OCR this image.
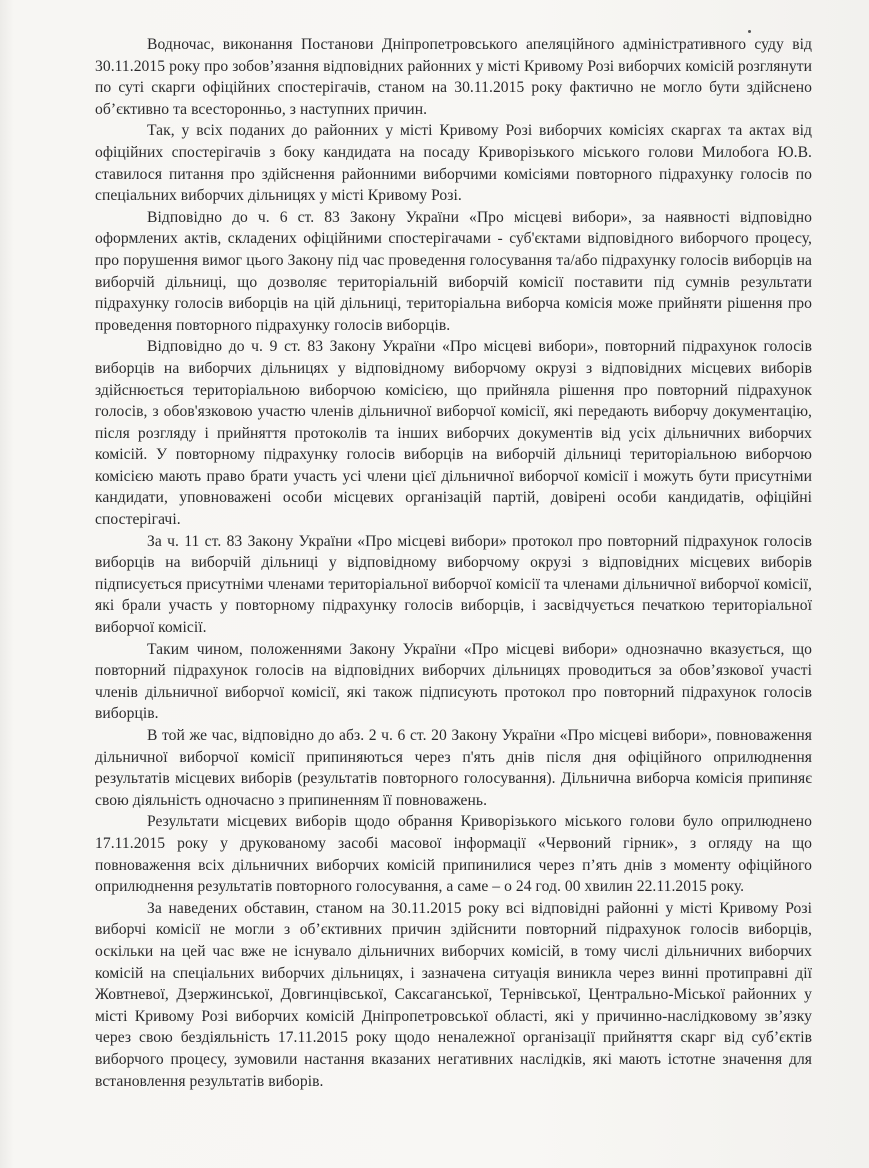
Водночас, виконання Постанови Дніпропетровського апеляційного адміністративного суду від 30.11.2015 року про зобов’язання відповідних районних у місті Кривому Розі виборчих комісій розглянути по суті скарги офіційних спостерігачів, станом на 30.11.2015 року фактично не могло бути здійснено об’єктивно та всесторонньо, з наступних причин.

Так, у всіх поданих до районних у місті Кривому Розі виборчих комісіях скаргах та актах від офіційних спостерігачів з боку кандидата на посаду Криворізького міського голови Милобога Ю.В. ставилося питання про здійснення районними виборчими комісіями повторного підрахунку голосів по спеціальних виборчих дільницях у місті Кривому Розі.

Відповідно до ч. 6 ст. 83 Закону України «Про місцеві вибори», за наявності відповідно оформлених актів, складених офіційними спостерігачами - суб'єктами відповідного виборчого процесу, про порушення вимог цього Закону під час проведення голосування та/або підрахунку голосів виборців на виборчій дільниці, що дозволяє територіальній виборчій комісії поставити під сумнів результати підрахунку голосів виборців на цій дільниці, територіальна виборча комісія може прийняти рішення про проведення повторного підрахунку голосів виборців.

Відповідно до ч. 9 ст. 83 Закону України «Про місцеві вибори», повторний підрахунок голосів виборців на виборчих дільницях у відповідному виборчому окрузі з відповідних місцевих виборів здійснюється територіальною виборчою комісією, що прийняла рішення про повторний підрахунок голосів, з обов'язковою участю членів дільничної виборчої комісії, які передають виборчу документацію, після розгляду і прийняття протоколів та інших виборчих документів від усіх дільничних виборчих комісій. У повторному підрахунку голосів виборців на виборчій дільниці територіальною виборчою комісією мають право брати участь усі члени цієї дільничної виборчої комісії і можуть бути присутніми кандидати, уповноважені особи місцевих організацій партій, довірені особи кандидатів, офіційні спостерігачі.

За ч. 11 ст. 83 Закону України «Про місцеві вибори» протокол про повторний підрахунок голосів виборців на виборчій дільниці у відповідному виборчому окрузі з відповідних місцевих виборів підписується присутніми членами територіальної виборчої комісії та членами дільничної виборчої комісії, які брали участь у повторному підрахунку голосів виборців, і засвідчується печаткою територіальної виборчої комісії.

Таким чином, положеннями Закону України «Про місцеві вибори» однозначно вказується, що повторний підрахунок голосів на відповідних виборчих дільницях проводиться за обов’язкової участі членів дільничної виборчої комісії, які також підписують протокол про повторний підрахунок голосів виборців.

В той же час, відповідно до абз. 2 ч. 6 ст. 20 Закону України «Про місцеві вибори», повноваження дільничної виборчої комісії припиняються через п'ять днів після дня офіційного оприлюднення результатів місцевих виборів (результатів повторного голосування). Дільнична виборча комісія припиняє свою діяльність одночасно з припиненням її повноважень.

Результати місцевих виборів щодо обрання Криворізького міського голови було оприлюднено 17.11.2015 року у друкованому засобі масової інформації «Червоний гірник», з огляду на що повноваження всіх дільничних виборчих комісій припинилися через п’ять днів з моменту офіційного оприлюднення результатів повторного голосування, а саме – о 24 год. 00 хвилин 22.11.2015 року.

За наведених обставин, станом на 30.11.2015 року всі відповідні районні у місті Кривому Розі виборчі комісії не могли з об’єктивних причин здійснити повторний підрахунок голосів виборців, оскільки на цей час вже не існувало дільничних виборчих комісій, в тому числі дільничних виборчих комісій на спеціальних виборчих дільницях, і зазначена ситуація виникла через винні протиправні дії Жовтневої, Дзержинської, Довгинцівської, Саксаганської, Тернівської, Центрально-Міської районних у місті Кривому Розі виборчих комісій Дніпропетровської області, які у причинно-наслідковому зв’язку через свою бездіяльність 17.11.2015 року щодо неналежної організації прийняття скарг від суб’єктів виборчого процесу, зумовили настання вказаних негативних наслідків, які мають істотне значення для встановлення результатів виборів.
